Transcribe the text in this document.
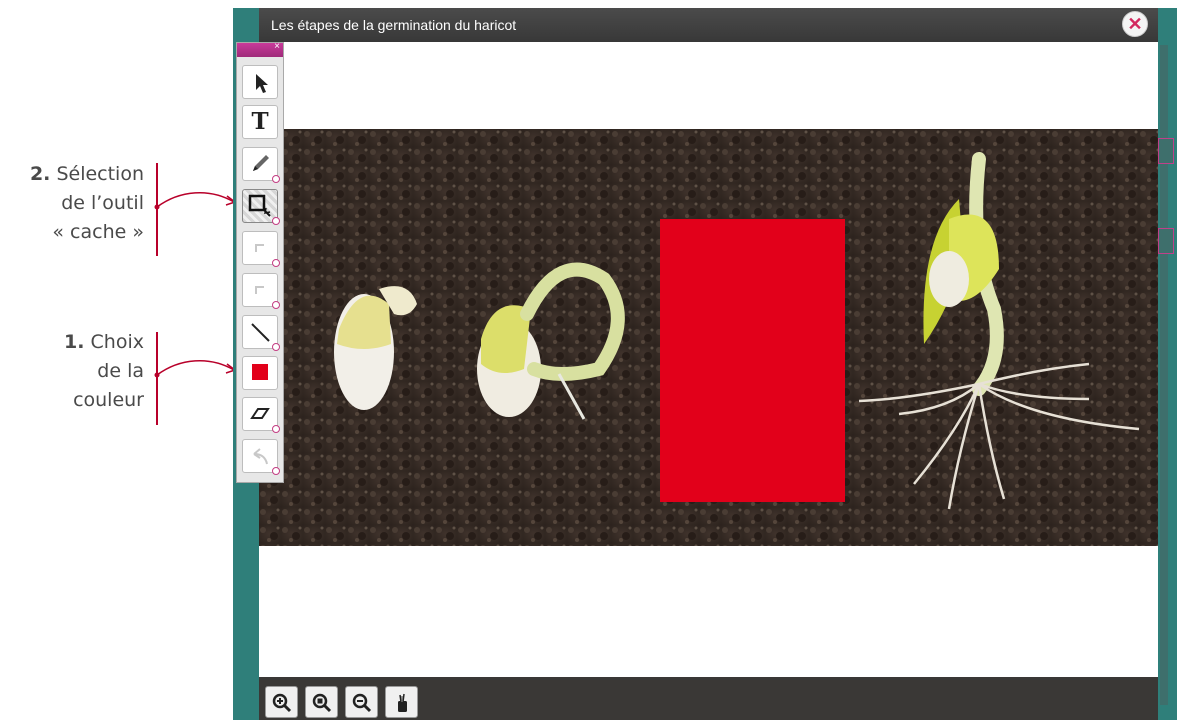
2. Sélection
de l’outil
« cache »
1. Choix
de la
couleur
Les étapes de la germination du haricot	✕
×
T
